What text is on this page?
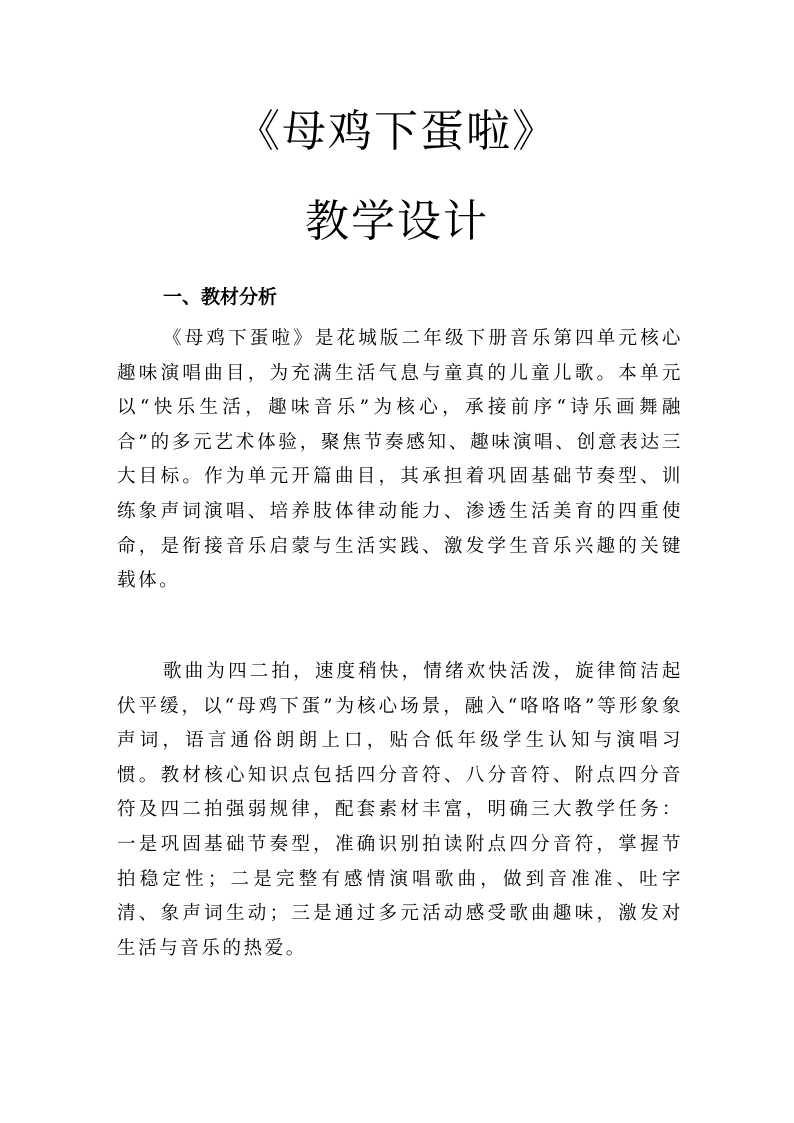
《母鸡下蛋啦》
教学设计
一、教材分析

《母鸡下蛋啦》是花城版二年级下册音乐第四单元核心趣味演唱曲目，为充满生活气息与童真的儿童儿歌。本单元以“快乐生活，趣味音乐”为核心，承接前序“诗乐画舞融合”的多元艺术体验，聚焦节奏感知、趣味演唱、创意表达三大目标。作为单元开篇曲目，其承担着巩固基础节奏型、训练象声词演唱、培养肢体律动能力、渗透生活美育的四重使命，是衔接音乐启蒙与生活实践、激发学生音乐兴趣的关键载体。

歌曲为四二拍，速度稍快，情绪欢快活泼，旋律简洁起伏平缓，以“母鸡下蛋”为核心场景，融入“咯咯咯”等形象象声词，语言通俗朗朗上口，贴合低年级学生认知与演唱习惯。教材核心知识点包括四分音符、八分音符、附点四分音符及四二拍强弱规律，配套素材丰富，明确三大教学任务：一是巩固基础节奏型，准确识别拍读附点四分音符，掌握节拍稳定性；二是完整有感情演唱歌曲，做到音准准、吐字清、象声词生动；三是通过多元活动感受歌曲趣味，激发对生活与音乐的热爱。
